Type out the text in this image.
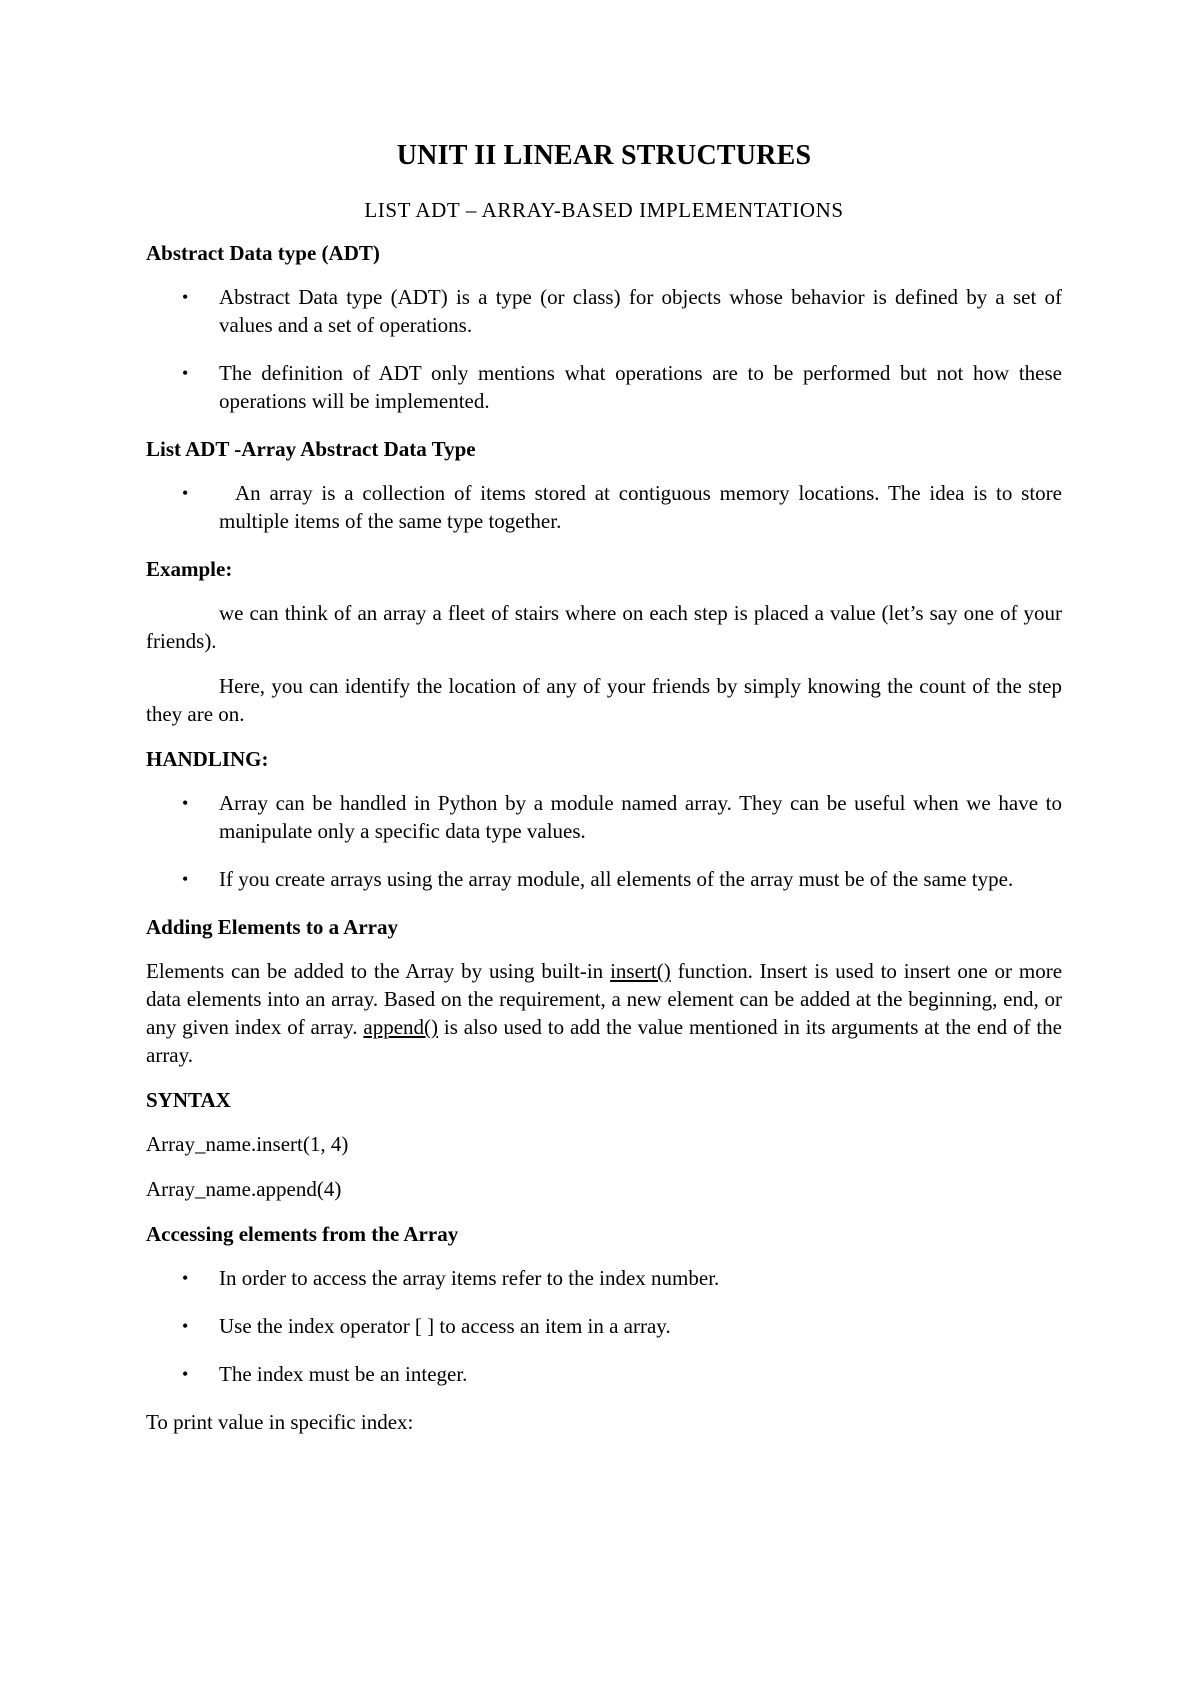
UNIT II LINEAR STRUCTURES
LIST ADT – ARRAY-BASED IMPLEMENTATIONS
Abstract Data type (ADT)
• Abstract Data type (ADT) is a type (or class) for objects whose behavior is defined by a set of values and a set of operations.
• The definition of ADT only mentions what operations are to be performed but not how these operations will be implemented.
List ADT -Array Abstract Data Type
• An array is a collection of items stored at contiguous memory locations. The idea is to store multiple items of the same type together.
Example:

we can think of an array a fleet of stairs where on each step is placed a value (let’s say one of your friends).

Here, you can identify the location of any of your friends by simply knowing the count of the step they are on.

HANDLING:
• Array can be handled in Python by a module named array. They can be useful when we have to manipulate only a specific data type values.
• If you create arrays using the array module, all elements of the array must be of the same type.
Adding Elements to a Array

Elements can be added to the Array by using built-in insert() function. Insert is used to insert one or more data elements into an array. Based on the requirement, a new element can be added at the beginning, end, or any given index of array. append() is also used to add the value mentioned in its arguments at the end of the array.

SYNTAX

Array_name.insert(1, 4)

Array_name.append(4)

Accessing elements from the Array
• In order to access the array items refer to the index number.
• Use the index operator [ ] to access an item in a array.
• The index must be an integer.

To print value in specific index:
